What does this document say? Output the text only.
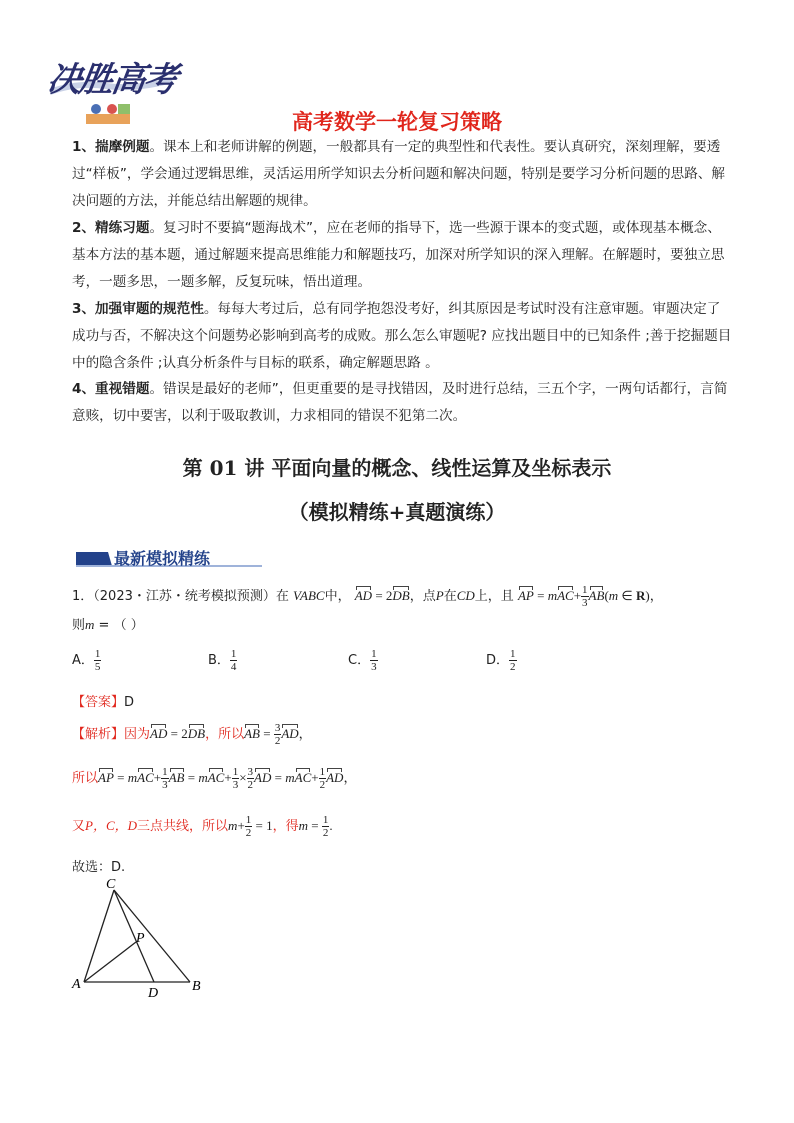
决胜高考
高考数学一轮复习策略
1、揣摩例题。课本上和老师讲解的例题，一般都具有一定的典型性和代表性。要认真研究，深刻理解，要透过“样板”，学会通过逻辑思维，灵活运用所学知识去分析问题和解决问题，特别是要学习分析问题的思路、解决问题的方法，并能总结出解题的规律。
2、精练习题。复习时不要搞“题海战术”，应在老师的指导下，选一些源于课本的变式题，或体现基本概念、基本方法的基本题，通过解题来提高思维能力和解题技巧，加深对所学知识的深入理解。在解题时，要独立思考，一题多思，一题多解，反复玩味，悟出道理。
3、加强审题的规范性。每每大考过后，总有同学抱怨没考好，纠其原因是考试时没有注意审题。审题决定了成功与否，不解决这个问题势必影响到高考的成败。那么怎么审题呢? 应找出题目中的已知条件 ;善于挖掘题目中的隐含条件 ;认真分析条件与目标的联系，确定解题思路 。
4、重视错题。错误是最好的老师”，但更重要的是寻找错因，及时进行总结，三五个字，一两句话都行，言简意赅，切中要害，以利于吸取教训，力求相同的错误不犯第二次。
第 01 讲 平面向量的概念、线性运算及坐标表示
（模拟精练+真题演练）
最新模拟精练
1．（2023・江苏・统考模拟预测）在 VABC中， AD = 2DB，点P在CD上，且 AP = $mAC+ \frac{1}{3} AB(m$ ∈ R)，
则m = （ ）
A． $\frac{1}{5}$	B． $\frac{1}{4}$	C． $\frac{1}{3}$	D． $\frac{1}{2}$
【答案】D
【解析】因为AD = 2DB，所以AB = $\frac{3}{2}$ AD，
所以AP = $mAC+ \frac{1}{3}$ AB = $mAC+ \frac{1}{3} \times \frac{3}{2}$ AD = $mAC+ \frac{1}{2}$ AD，
又P，C，D三点共线，所以$m+ \frac{1}{2} = 1$，得$m = \frac{1}{2}$ .
故选：D.
C
P
A
D B
